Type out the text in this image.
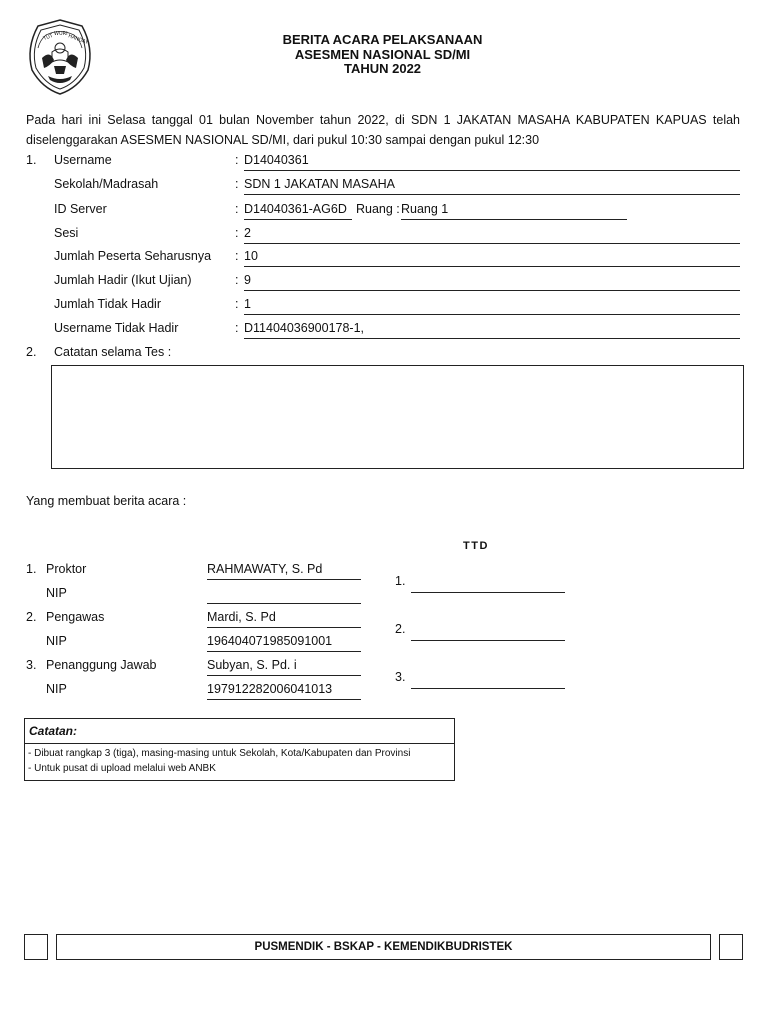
TUT WURI HANDAY	BERITA ACARA PELAKSANAAN
ASESMEN NASIONAL SD/MI
TAHUN 2022
Pada hari ini Selasa tanggal 01 bulan November tahun 2022, di SDN 1 JAKATAN MASAHA KABUPATEN KAPUAS telah
diselenggarakan ASESMEN NASIONAL SD/MI, dari pukul 10:30 sampai dengan pukul 12:30
1. Username	: D14040361
Sekolah/Madrasah	: SDN 1 JAKATAN MASAHA
ID Server	: D14040361-AG6D Ruang : Ruang 1
Sesi	: 2
Jumlah Peserta Seharusnya : 10
Jumlah Hadir (Ikut Ujian)	: 9
Jumlah Tidak Hadir	: 1
Username Tidak Hadir	: D11404036900178-1,
2. Catatan selama Tes :
Yang membuat berita acara :
TTD
1. Proktor	RAHMAWATY, S. Pd
NIP
1.
2. Pengawas	Mardi, S. Pd
NIP	196404071985091001
2.
3. Penanggung Jawab	Subyan, S. Pd. i
NIP	197912282006041013
3.
Catatan:
- Dibuat rangkap 3 (tiga), masing-masing untuk Sekolah, Kota/Kabupaten dan Provinsi
- Untuk pusat di upload melalui web ANBK
PUSMENDIK - BSKAP - KEMENDIKBUDRISTEK
